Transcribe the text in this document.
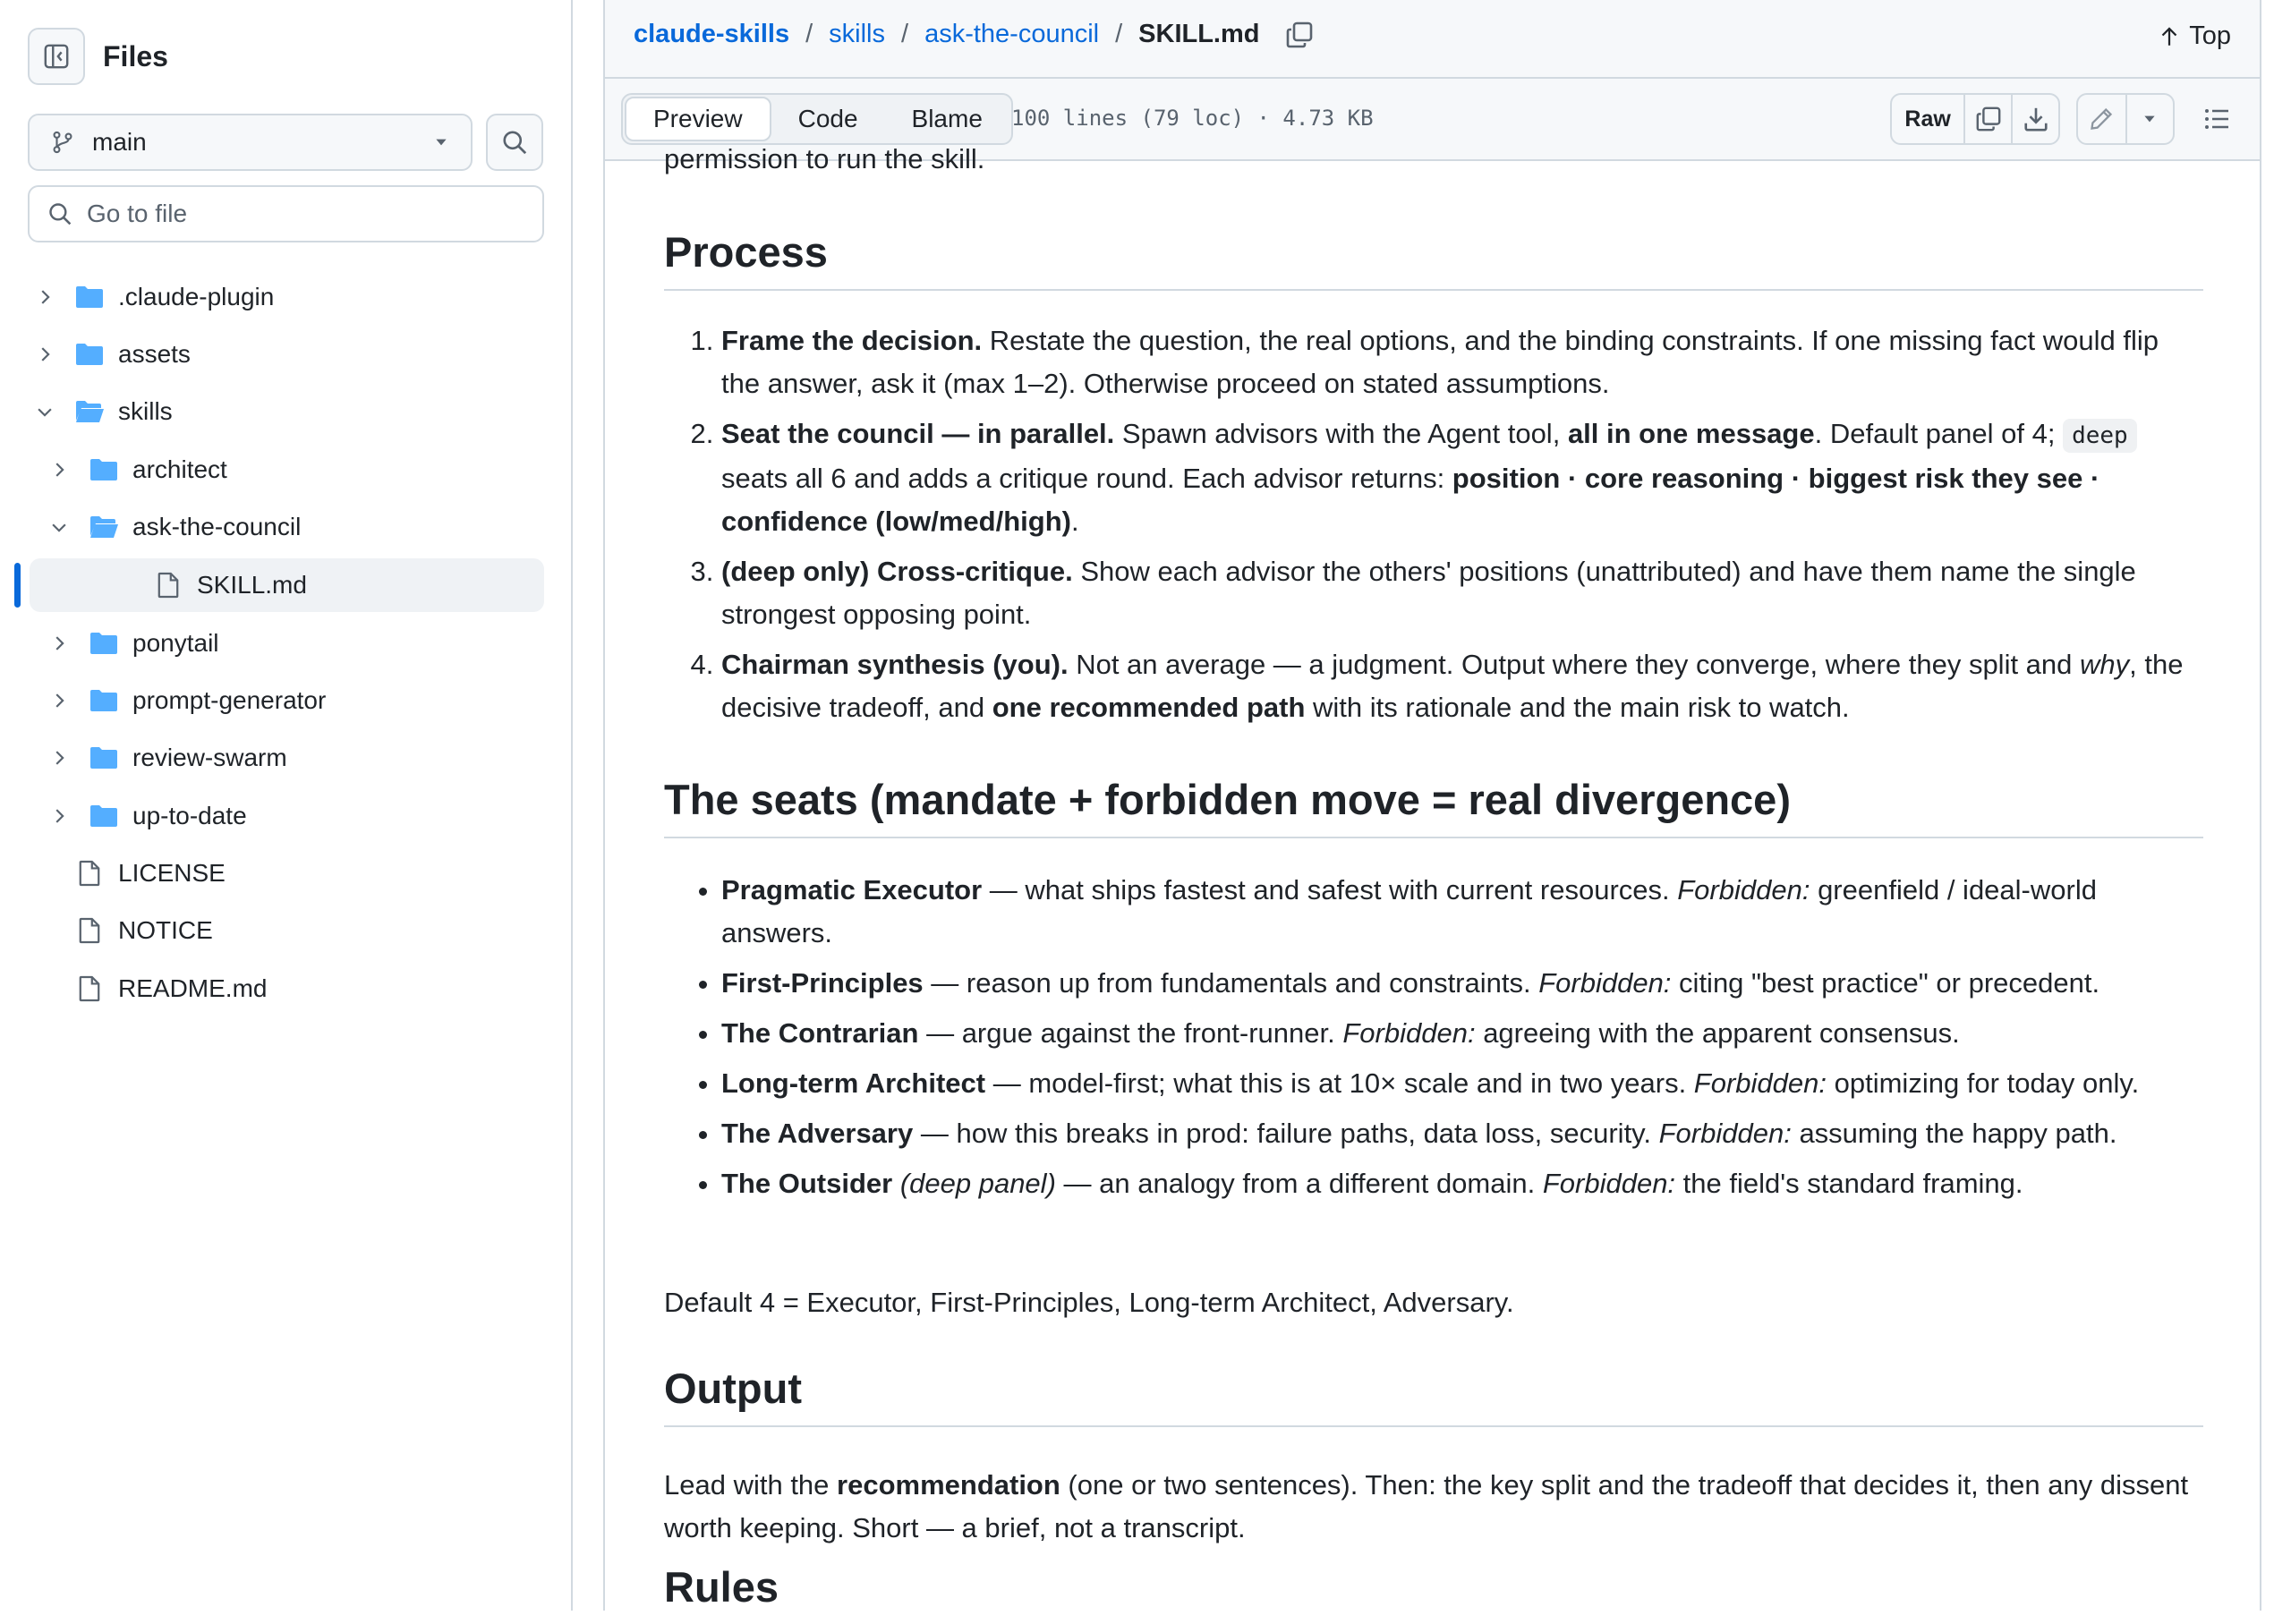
Files
main
Go to file
.claude-plugin
assets
skills
architect
ask-the-council
SKILL.md
ponytail
prompt-generator
review-swarm
up-to-date
LICENSE
NOTICE
README.md
claude-skills / skills / ask-the-council / SKILL.md	Top
Preview	Code	Blame	100 lines (79 loc) · 4.73 KB	Raw
permission to run the skill.
Process
1. Frame the decision. Restate the question, the real options, and the binding constraints. If one missing fact would flip the answer, ask it (max 1–2). Otherwise proceed on stated assumptions.
2. Seat the council — in parallel. Spawn advisors with the Agent tool, all in one message. Default panel of 4; deep seats all 6 and adds a critique round. Each advisor returns: position · core reasoning · biggest risk they see · confidence (low/med/high).
3. (deep only) Cross-critique. Show each advisor the others' positions (unattributed) and have them name the single strongest opposing point.
4. Chairman synthesis (you). Not an average — a judgment. Output where they converge, where they split and why, the decisive tradeoff, and one recommended path with its rationale and the main risk to watch.
The seats (mandate + forbidden move = real divergence)
• Pragmatic Executor — what ships fastest and safest with current resources. Forbidden: greenfield / ideal-world answers.
• First-Principles — reason up from fundamentals and constraints. Forbidden: citing "best practice" or precedent.
• The Contrarian — argue against the front-runner. Forbidden: agreeing with the apparent consensus.
• Long-term Architect — model-first; what this is at 10× scale and in two years. Forbidden: optimizing for today only.
• The Adversary — how this breaks in prod: failure paths, data loss, security. Forbidden: assuming the happy path.
• The Outsider (deep panel) — an analogy from a different domain. Forbidden: the field's standard framing.
Default 4 = Executor, First-Principles, Long-term Architect, Adversary.
Output
Lead with the recommendation (one or two sentences). Then: the key split and the tradeoff that decides it, then any dissent worth keeping. Short — a brief, not a transcript.
Rules
